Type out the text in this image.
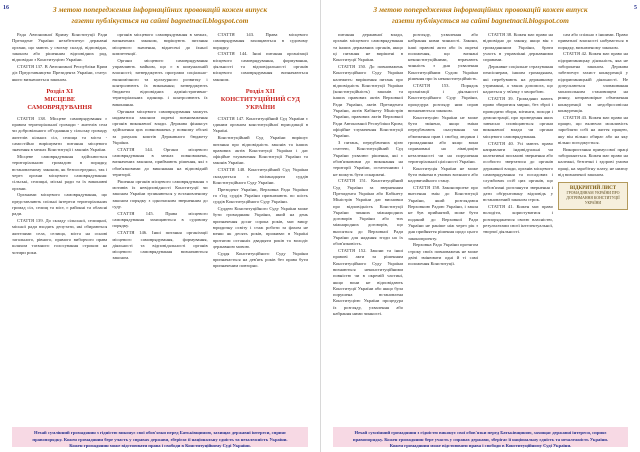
16	З метою попередження інформаційних провокацій кожен випуск
газети публікується на сайті bagnetnacii.blogspot.com

Рада Автономної Криму Конституції Ради Президент України незабезпечує державні органи, що мають у своєму складі, відповідно, законом або рішенням відповідних рад, відповідно з Конституцією України.

СТАТТЯ 137. В Автономної Республіки Крим діє Представництво Президента України, статус якого визначається законом.

Розділ XI
МІСЦЕВЕ САМОВРЯДУВАННЯ

СТАТТЯ 138. Місцеве самоврядування є правом територіальної громади - жителів села чи добровільного об'єднання у сільську громаду жителів кількох сіл, селища та міста - самостійно вирішувати питання місцевого значення в межах Конституції і законів України.

Місцеве самоврядування здійснюється територіальною громадою в порядку, встановленому законом, як безпосередньо, так і через органи місцевого самоврядування: сільські, селищні, міські ради та їх виконавчі органи.

Органами місцевого самоврядування, що представляють спільні інтереси територіальних громад сіл, селищ та міст, є районні та обласні ради.

СТАТТЯ 139. До складу сільської, селищної, міської ради входять депутати, які обираються жителями села, селища, міста на основі загального, рівного, прямого виборчого права шляхом таємного голосування строком на чотири роки.

органів місцевого самоврядування в межах, визначених законом, вирішують питання місцевого значення, віднесені до їхньої компетенції.

Органи місцевого самоврядування управляють майном, що є в комунальній власності; затверджують програми соціально-економічного та культурного розвитку і контролюють їх виконання; затверджують бюджети відповідних адміністративно-територіальних одиниць і контролюють їх виконання.

Органам місцевого самоврядування можуть надаватися законом окремі повноваження органів виконавчої влади. Держава фінансує здійснення цих повноважень у повному обсязі за рахунок коштів Державного бюджету України.

СТАТТЯ 144. Органи місцевого самоврядування в межах повноважень, визначених законом, приймають рішення, які є обов'язковими до виконання на відповідній території.

Рішення органів місцевого самоврядування з мотивів їх невідповідності Конституції чи законам України зупиняються у встановленому законом порядку з одночасним зверненням до суду.

СТАТТЯ 145. Права місцевого самоврядування захищаються в судовому порядку.

СТАТТЯ 146. Інші питання організації місцевого самоврядування, формування, діяльності та відповідальності органів місцевого самоврядування визначаються законом.

СТАТТЯ 143. Права місцевого самоврядування захищаються в судовому порядку.

СТАТТЯ 144. Інші питання організації місцевого самоврядування, формування, діяльності та відповідальності органів місцевого самоврядування визначаються законом.

Розділ XII
КОНСТИТУЦІЙНИЙ СУД УКРАЇНИ

СТАТТЯ 147. Конституційний Суд України є єдиним органом конституційної юрисдикції в Україні.

Конституційний Суд України вирішує питання про відповідність законів та інших правових актів Конституції України і дає офіційне тлумачення Конституції України та законів України.

СТАТТЯ 148. Конституційний Суд України складається з вісімнадцяти суддів Конституційного Суду України.

Президент України, Верховна Рада України та з'їзд суддів України призначають по шість суддів Конституційного Суду України.

Суддею Конституційного Суду України може бути громадянин України, який на день призначення досяг сорока років, має вищу юридичну освіту і стаж роботи за фахом не менш як десять років, проживає в Україні протягом останніх двадцяти років та володіє державною мовою.

Суддя Конституційного Суду України призначається на дев'ять років без права бути призначеним повторно.

Нехай сумлінний громадянин з гідністю виконує свої обов'язки перед Батьківщиною, захищає державні інтереси, сприяє правопорядку. Кожен громадянин бере участь у справах держави, зберігає її національну єдність та незалежність України. Кожен громадянин може відстоювати права і свободи в Конституційному Суді України.
5
З метою попередження інформаційних провокацій кожен випуск
газети публікується на сайті bagnetnacii.blogspot.com

питання державної влади, органів місцевого самоврядування та інших державних органів, якщо ці питання не вирішені в Конституції України.

СТАТТЯ 150. До повноважень Конституційного Суду України належить: вирішення питань про відповідність Конституції України (конституційність) законів та інших правових актів Верховної Ради України, актів Президента України, актів Кабінету Міністрів України, правових актів Верховної Ради Автономної Республіки Крим; офіційне тлумачення Конституції України.

З питань, передбачених цією статтею, Конституційний Суд України ухвалює рішення, які є обов'язковими до виконання на території України, остаточними і не можуть бути оскаржені.

СТАТТЯ 151. Конституційний Суд України за зверненням Президента України або Кабінету Міністрів України дає висновки про відповідність Конституції України чинних міжнародних договорів України або тих міжнародних договорів, що вносяться до Верховної Ради України для надання згоди на їх обов'язковість.

СТАТТЯ 152. Закони та інші правові акти за рішенням Конституційного Суду України визнаються неконституційними повністю чи в окремій частині, якщо вони не відповідають Конституції України або якщо була порушена встановлена Конституцією України процедура їх розгляду, ухвалення або набрання ними чинності.

розгляду, ухвалення або набрання ними чинності. Закони, інші правові акти або їх окремі положення, що визнані неконституційними, втрачають чинність з дня ухвалення Конституційним Судом України рішення про їх неконституційність.

СТАТТЯ 153. Порядок організації і діяльності Конституційного Суду України, процедура розгляду ним справ визначаються законом.

Конституцію України не може бути змінено, якщо зміни передбачають скасування чи обмеження прав і свобод людини і громадянина або якщо вони спрямовані на ліквідацію незалежності чи на порушення територіальної цілісності України.

Конституція України не може бути змінена в умовах воєнного або надзвичайного стану.

СТАТТЯ 158. Законопроект про внесення змін до Конституції України, який розглядався Верховною Радою України, і закон не був прийнятий, може бути поданий до Верховної Ради України не раніше ніж через рік з дня прийняття рішення щодо цього законопроекту.

Верховна Рада України протягом строку своїх повноважень не може двічі змінювати одні й ті самі положення Конституції.

СТАТТЯ 38. Кожен має право на відповідно до закону, якщо він є громадянином України, брати участь в управлінні державними справами.

Державне соціальне страхування пенсіонерам, іншим громадянам, які перебувають на державному утриманні, а також допомога, що надається у зв'язку з хворобою.

СТАТТЯ 39. Громадяни мають право збиратися мирно, без зброї і проводити збори, мітинги, походи і демонстрації, про проведення яких завчасно сповіщаються органи виконавчої влади чи органи місцевого самоврядування.

СТАТТЯ 40. Усі мають право направляти індивідуальні чи колективні письмові звернення або особисто звертатися до органів державної влади, органів місцевого самоврядування та посадових і службових осіб цих органів, що зобов'язані розглянути звернення і дати обґрунтовану відповідь у встановлений законом строк.

СТАТТЯ 41. Кожен має право володіти, користуватися і розпоряджатися своєю власністю, результатами своєї інтелектуальної, творчої діяльності.

сам або спільно з іншими. Право приватної власності набувається в порядку, визначеному законом.

СТАТТЯ 42. Кожен має право на підприємницьку діяльність, яка не заборонена законом. Держава забезпечує захист конкуренції у підприємницькій діяльності. Не допускаються зловживання монопольним становищем на ринку, неправомірне обмеження конкуренції та недобросовісна конкуренція.

СТАТТЯ 43. Кожен має право на працю, що включає можливість заробляти собі на життя працею, яку він вільно обирає або на яку вільно погоджується.

Використання примусової праці забороняється. Кожен має право на належні, безпечні і здорові умови праці, на заробітну плату, не нижчу від визначеної законом.

ВІДКРИТИЙ ЛИСТ
ГРОМАДЯНАМ УКРАЇНИ ПРО ДОТРИМАННЯ КОНСТИТУЦІЇ УКРАЇНИ
Нехай сумлінний громадянин з гідністю виконує свої обов'язки перед Батьківщиною, захищає державні інтереси, сприяє правопорядку. Кожен громадянин бере участь у справах держави, зберігає її національну єдність та незалежність України. Кожен громадянин може відстоювати права і свободи в Конституційному Суді України.
